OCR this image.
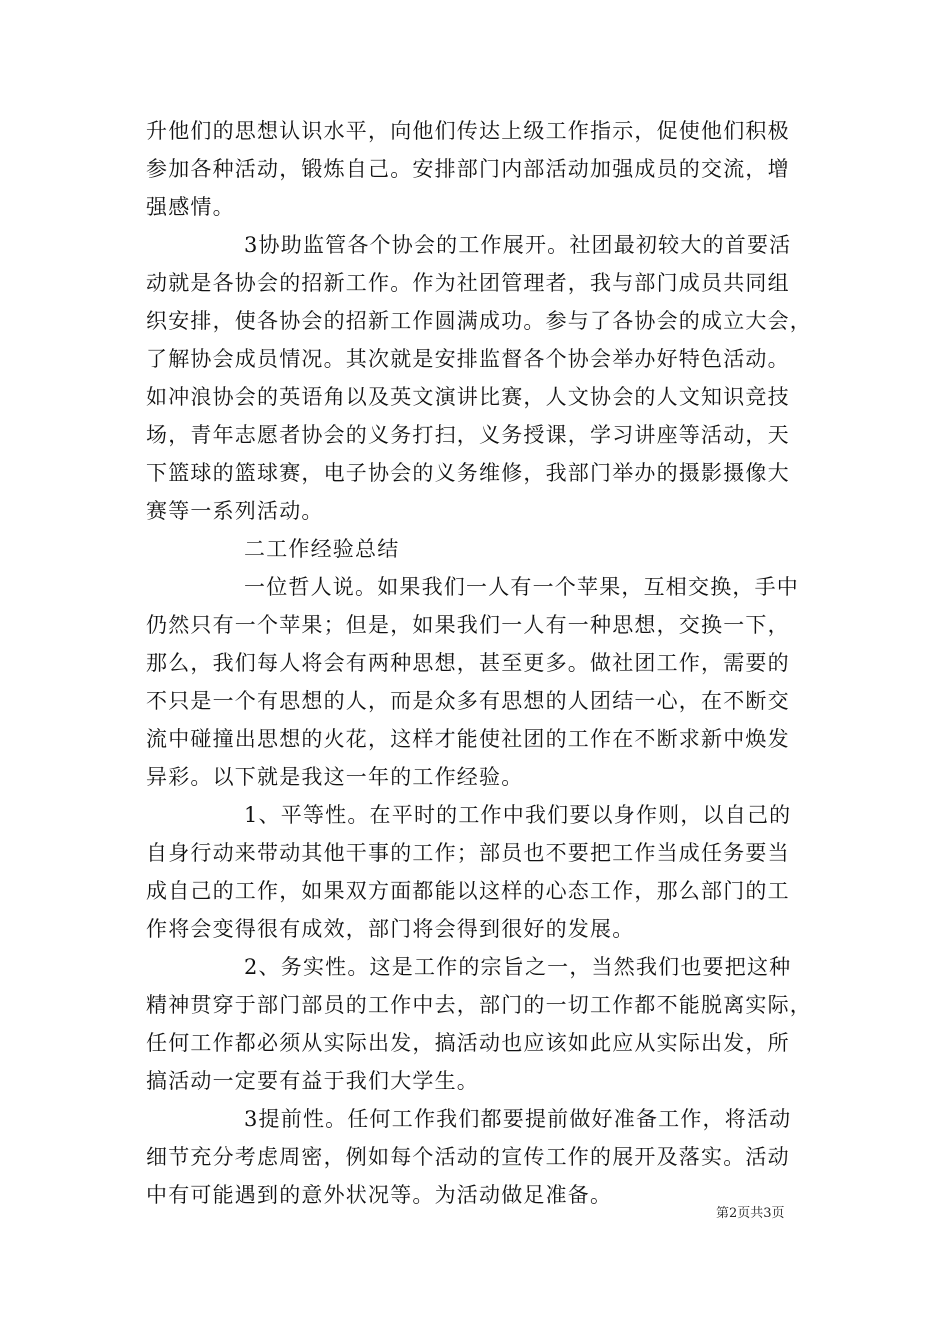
升他们的思想认识水平，向他们传达上级工作指示，促使他们积极
参加各种活动，锻炼自己。安排部门内部活动加强成员的交流，增
强感情。
3协助监管各个协会的工作展开。社团最初较大的首要活
动就是各协会的招新工作。作为社团管理者，我与部门成员共同组
织安排，使各协会的招新工作圆满成功。参与了各协会的成立大会，
了解协会成员情况。其次就是安排监督各个协会举办好特色活动。
如冲浪协会的英语角以及英文演讲比赛，人文协会的人文知识竞技
场，青年志愿者协会的义务打扫，义务授课，学习讲座等活动，天
下篮球的篮球赛，电子协会的义务维修，我部门举办的摄影摄像大
赛等一系列活动。
二工作经验总结
一位哲人说。如果我们一人有一个苹果，互相交换，手中
仍然只有一个苹果；但是，如果我们一人有一种思想，交换一下，
那么，我们每人将会有两种思想，甚至更多。做社团工作，需要的
不只是一个有思想的人，而是众多有思想的人团结一心，在不断交
流中碰撞出思想的火花，这样才能使社团的工作在不断求新中焕发
异彩。以下就是我这一年的工作经验。
1、平等性。在平时的工作中我们要以身作则，以自己的
自身行动来带动其他干事的工作；部员也不要把工作当成任务要当
成自己的工作，如果双方面都能以这样的心态工作，那么部门的工
作将会变得很有成效，部门将会得到很好的发展。
2、务实性。这是工作的宗旨之一，当然我们也要把这种
精神贯穿于部门部员的工作中去，部门的一切工作都不能脱离实际，
任何工作都必须从实际出发，搞活动也应该如此应从实际出发，所
搞活动一定要有益于我们大学生。
3提前性。任何工作我们都要提前做好准备工作，将活动
细节充分考虑周密，例如每个活动的宣传工作的展开及落实。活动
中有可能遇到的意外状况等。为活动做足准备。
第2页共3页
